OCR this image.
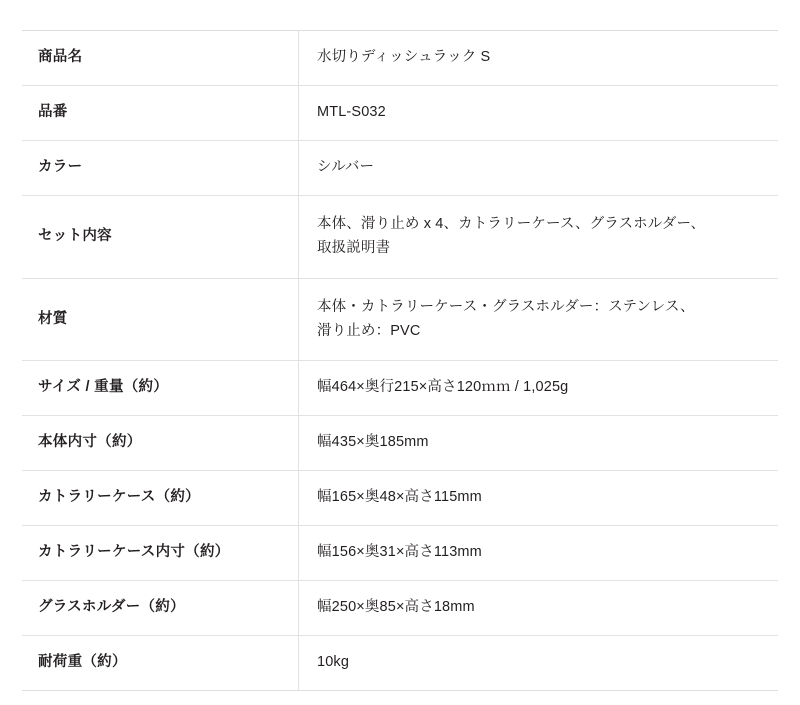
商品名	水切りディッシュラック S

品番	MTL-S032

カラー	シルバー

セット内容	本体、滑り止め x 4、カトラリーケース、グラスホルダー、
取扱説明書

材質	本体・カトラリーケース・グラスホルダー：ステンレス、
滑り止め：PVC

サイズ / 重量（約）	幅464×奥行215×高さ120ｍｍ / 1,025g

本体内寸（約）	幅435×奥185mm

カトラリーケース（約）	幅165×奥48×高さ115mm

カトラリーケース内寸（約）	幅156×奥31×高さ113mm

グラスホルダー（約）	幅250×奥85×高さ18mm

耐荷重（約）	10kg
